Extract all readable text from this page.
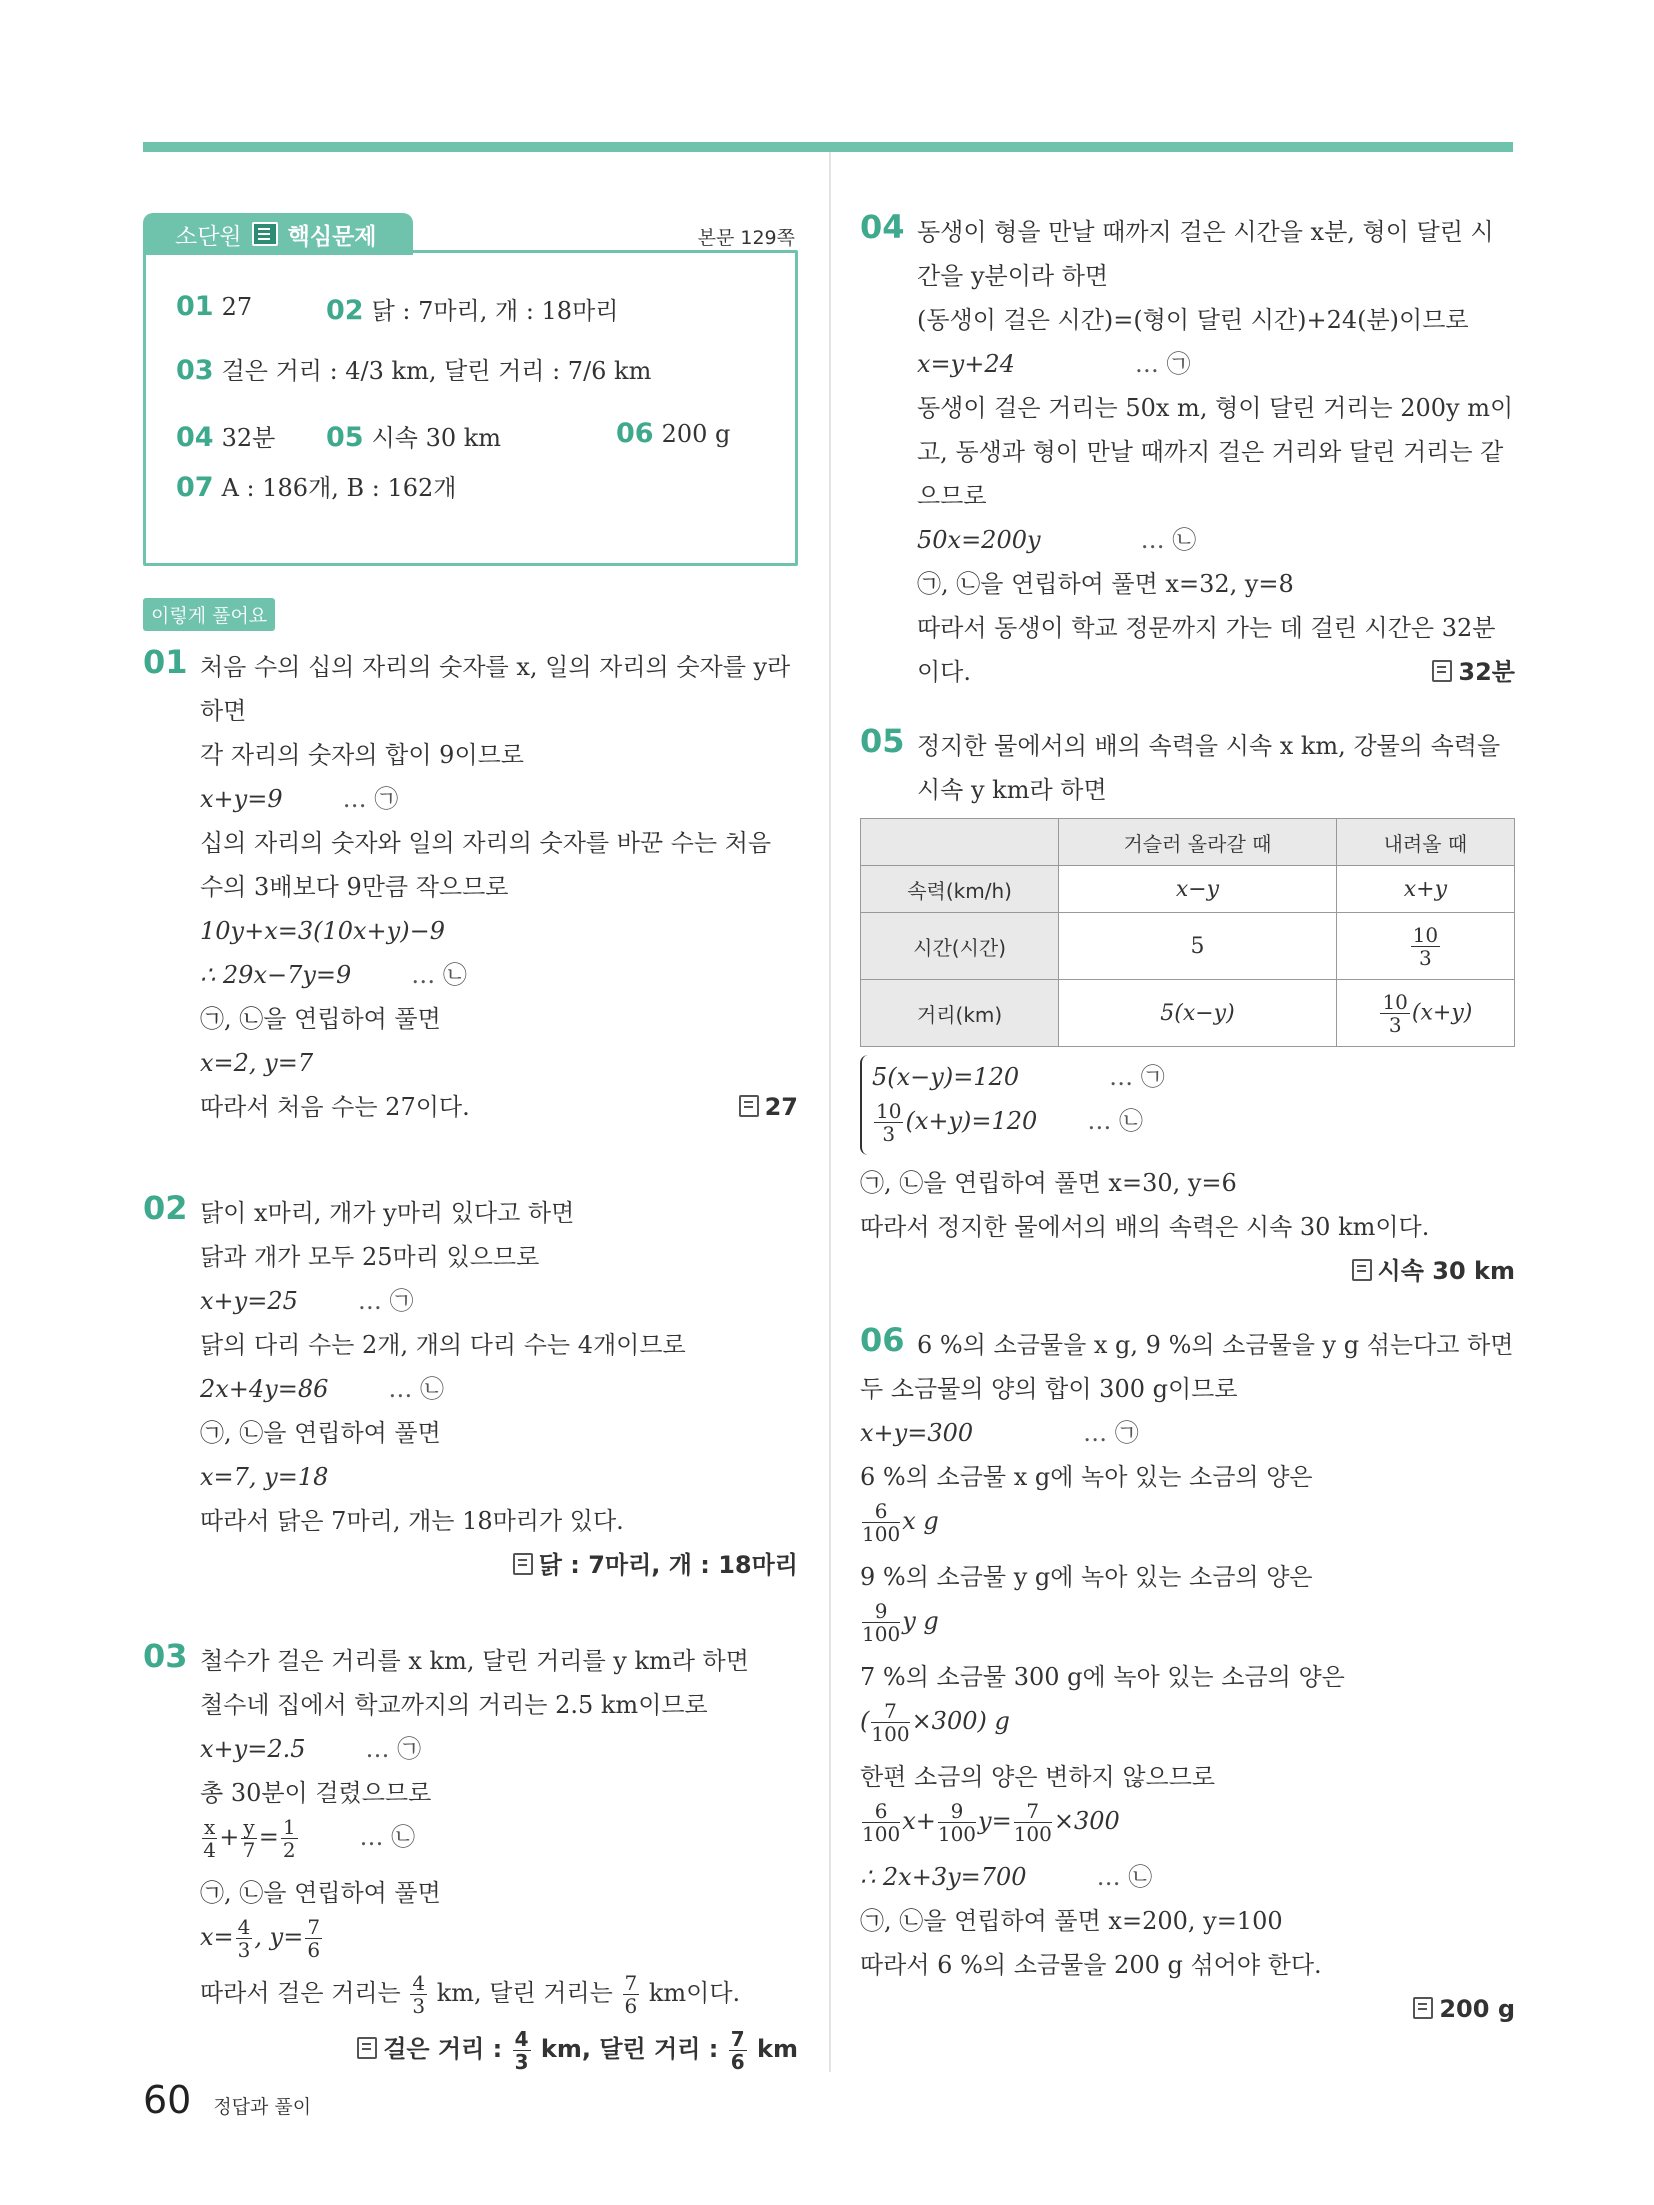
소단원 핵심문제	본문 129쪽
01 27	02 닭 : 7마리, 개 : 18마리
03 걸은 거리 : 4/3 km, 달린 거리 : 7/6 km
04 32분 05 시속 30 km	06 200 g
07 A : 186개, B : 162개
이렇게 풀어요
01 처음 수의 십의 자리의 숫자를 x, 일의 자리의 숫자를 y라
하면
각 자리의 숫자의 합이 9이므로
x+y=9	… ㉠
십의 자리의 숫자와 일의 자리의 숫자를 바꾼 수는 처음
수의 3배보다 9만큼 작으므로
10y+x=3(10x+y)−9
∴ 29x−7y=9	… ㉡
㉠, ㉡을 연립하여 풀면
x=2, y=7
따라서 처음 수는 27이다.	27
02 닭이 x마리, 개가 y마리 있다고 하면
닭과 개가 모두 25마리 있으므로
x+y=25	… ㉠
닭의 다리 수는 2개, 개의 다리 수는 4개이므로
2x+4y=86	… ㉡
㉠, ㉡을 연립하여 풀면
x=7, y=18
따라서 닭은 7마리, 개는 18마리가 있다.
닭 : 7마리, 개 : 18마리
03 철수가 걸은 거리를 x km, 달린 거리를 y km라 하면
철수네 집에서 학교까지의 거리는 2.5 km이므로
x+y=2.5	… ㉠
총 30분이 걸렸으므로
$\frac{x}{4} + \frac{y}{7} = \frac{1}{2}$	… ㉡
㉠, ㉡을 연립하여 풀면
$x= \frac{4}{3}$ , $y= \frac{7}{6}$
따라서 걸은 거리는 $\frac{4}{3}$ km, 달린 거리는 $\frac{7}{6}$ km이다.
걸은 거리 : $\frac{4}{3}$ km, 달린 거리 : $\frac{7}{6}$ km
04 동생이 형을 만날 때까지 걸은 시간을 x분, 형이 달린 시
간을 y분이라 하면
(동생이 걸은 시간)=(형이 달린 시간)+24(분)이므로
x=y+24	… ㉠
동생이 걸은 거리는 50x m, 형이 달린 거리는 200y m이
고, 동생과 형이 만날 때까지 걸은 거리와 달린 거리는 같
으므로
50x=200y	… ㉡
㉠, ㉡을 연립하여 풀면 x=32, y=8
따라서 동생이 학교 정문까지 가는 데 걸린 시간은 32분
이다.	32분
05 정지한 물에서의 배의 속력을 시속 x km, 강물의 속력을
시속 y km라 하면
	거슬러 올라갈 때	내려올 때
속력(km/h)	x−y	x+y
시간(시간)	5	$\frac{10}{3}$

거리(km)	5(x−y)	$\frac{10}{3} (x+y)$
5(x−y)=120	… ㉠
$\frac{10}{3} (x+y)=120$ … ㉡
㉠, ㉡을 연립하여 풀면 x=30, y=6
따라서 정지한 물에서의 배의 속력은 시속 30 km이다.
시속 30 km
06 6 %의 소금물을 x g, 9 %의 소금물을 y g 섞는다고 하면
두 소금물의 양의 합이 300 g이므로
x+y=300	… ㉠
6 %의 소금물 x g에 녹아 있는 소금의 양은
$\frac{6}{100}$ x g
9 %의 소금물 y g에 녹아 있는 소금의 양은
$\frac{9}{100}$ y g
7 %의 소금물 300 g에 녹아 있는 소금의 양은
( $\frac{7}{100} \times 300$) g
한편 소금의 양은 변하지 않으므로
$\frac{6}{100} x+ \frac{9}{100} y= \frac{7}{100} \times 300$
∴ 2x+3y=700	… ㉡
㉠, ㉡을 연립하여 풀면 x=200, y=100
따라서 6 %의 소금물을 200 g 섞어야 한다.
200 g
60 정답과 풀이
